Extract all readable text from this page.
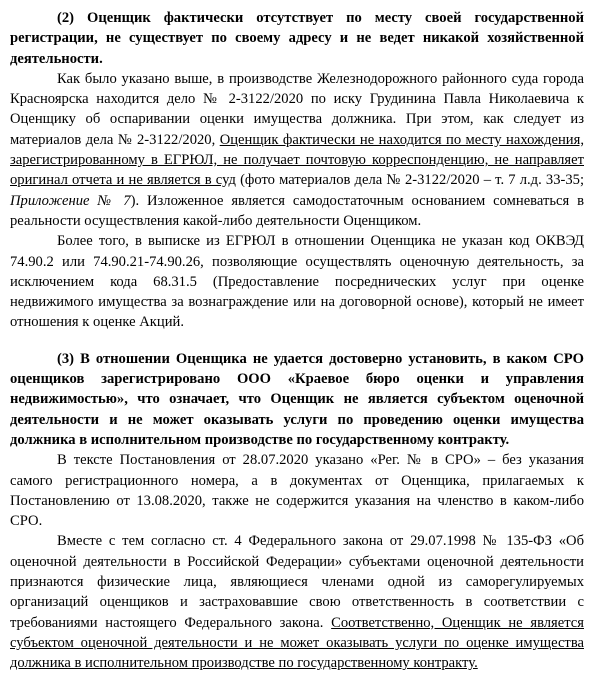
(2) Оценщик фактически отсутствует по месту своей государственной регистрации, не существует по своему адресу и не ведет никакой хозяйственной деятельности.

Как было указано выше, в производстве Железнодорожного районного суда города Красноярска находится дело № 2-3122/2020 по иску Грудинина Павла Николаевича к Оценщику об оспаривании оценки имущества должника. При этом, как следует из материалов дела № 2-3122/2020, Оценщик фактически не находится по месту нахождения, зарегистрированному в ЕГРЮЛ, не получает почтовую корреспонденцию, не направляет оригинал отчета и не является в суд (фото материалов дела № 2-3122/2020 – т. 7 л.д. 33-35; Приложение № 7). Изложенное является самодостаточным основанием сомневаться в реальности осуществления какой-либо деятельности Оценщиком.

Более того, в выписке из ЕГРЮЛ в отношении Оценщика не указан код ОКВЭД 74.90.2 или 74.90.21-74.90.26, позволяющие осуществлять оценочную деятельность, за исключением кода 68.31.5 (Предоставление посреднических услуг при оценке недвижимого имущества за вознаграждение или на договорной основе), который не имеет отношения к оценке Акций.

(3) В отношении Оценщика не удается достоверно установить, в каком СРО оценщиков зарегистрировано ООО «Краевое бюро оценки и управления недвижимостью», что означает, что Оценщик не является субъектом оценочной деятельности и не может оказывать услуги по проведению оценки имущества должника в исполнительном производстве по государственному контракту.

В тексте Постановления от 28.07.2020 указано «Рег. № в СРО» – без указания самого регистрационного номера, а в документах от Оценщика, прилагаемых к Постановлению от 13.08.2020, также не содержится указания на членство в каком-либо СРО.

Вместе с тем согласно ст. 4 Федерального закона от 29.07.1998 № 135-ФЗ «Об оценочной деятельности в Российской Федерации» субъектами оценочной деятельности признаются физические лица, являющиеся членами одной из саморегулируемых организаций оценщиков и застраховавшие свою ответственность в соответствии с требованиями настоящего Федерального закона. Соответственно, Оценщик не является субъектом оценочной деятельности и не может оказывать услуги по оценке имущества должника в исполнительном производстве по государственному контракту.
